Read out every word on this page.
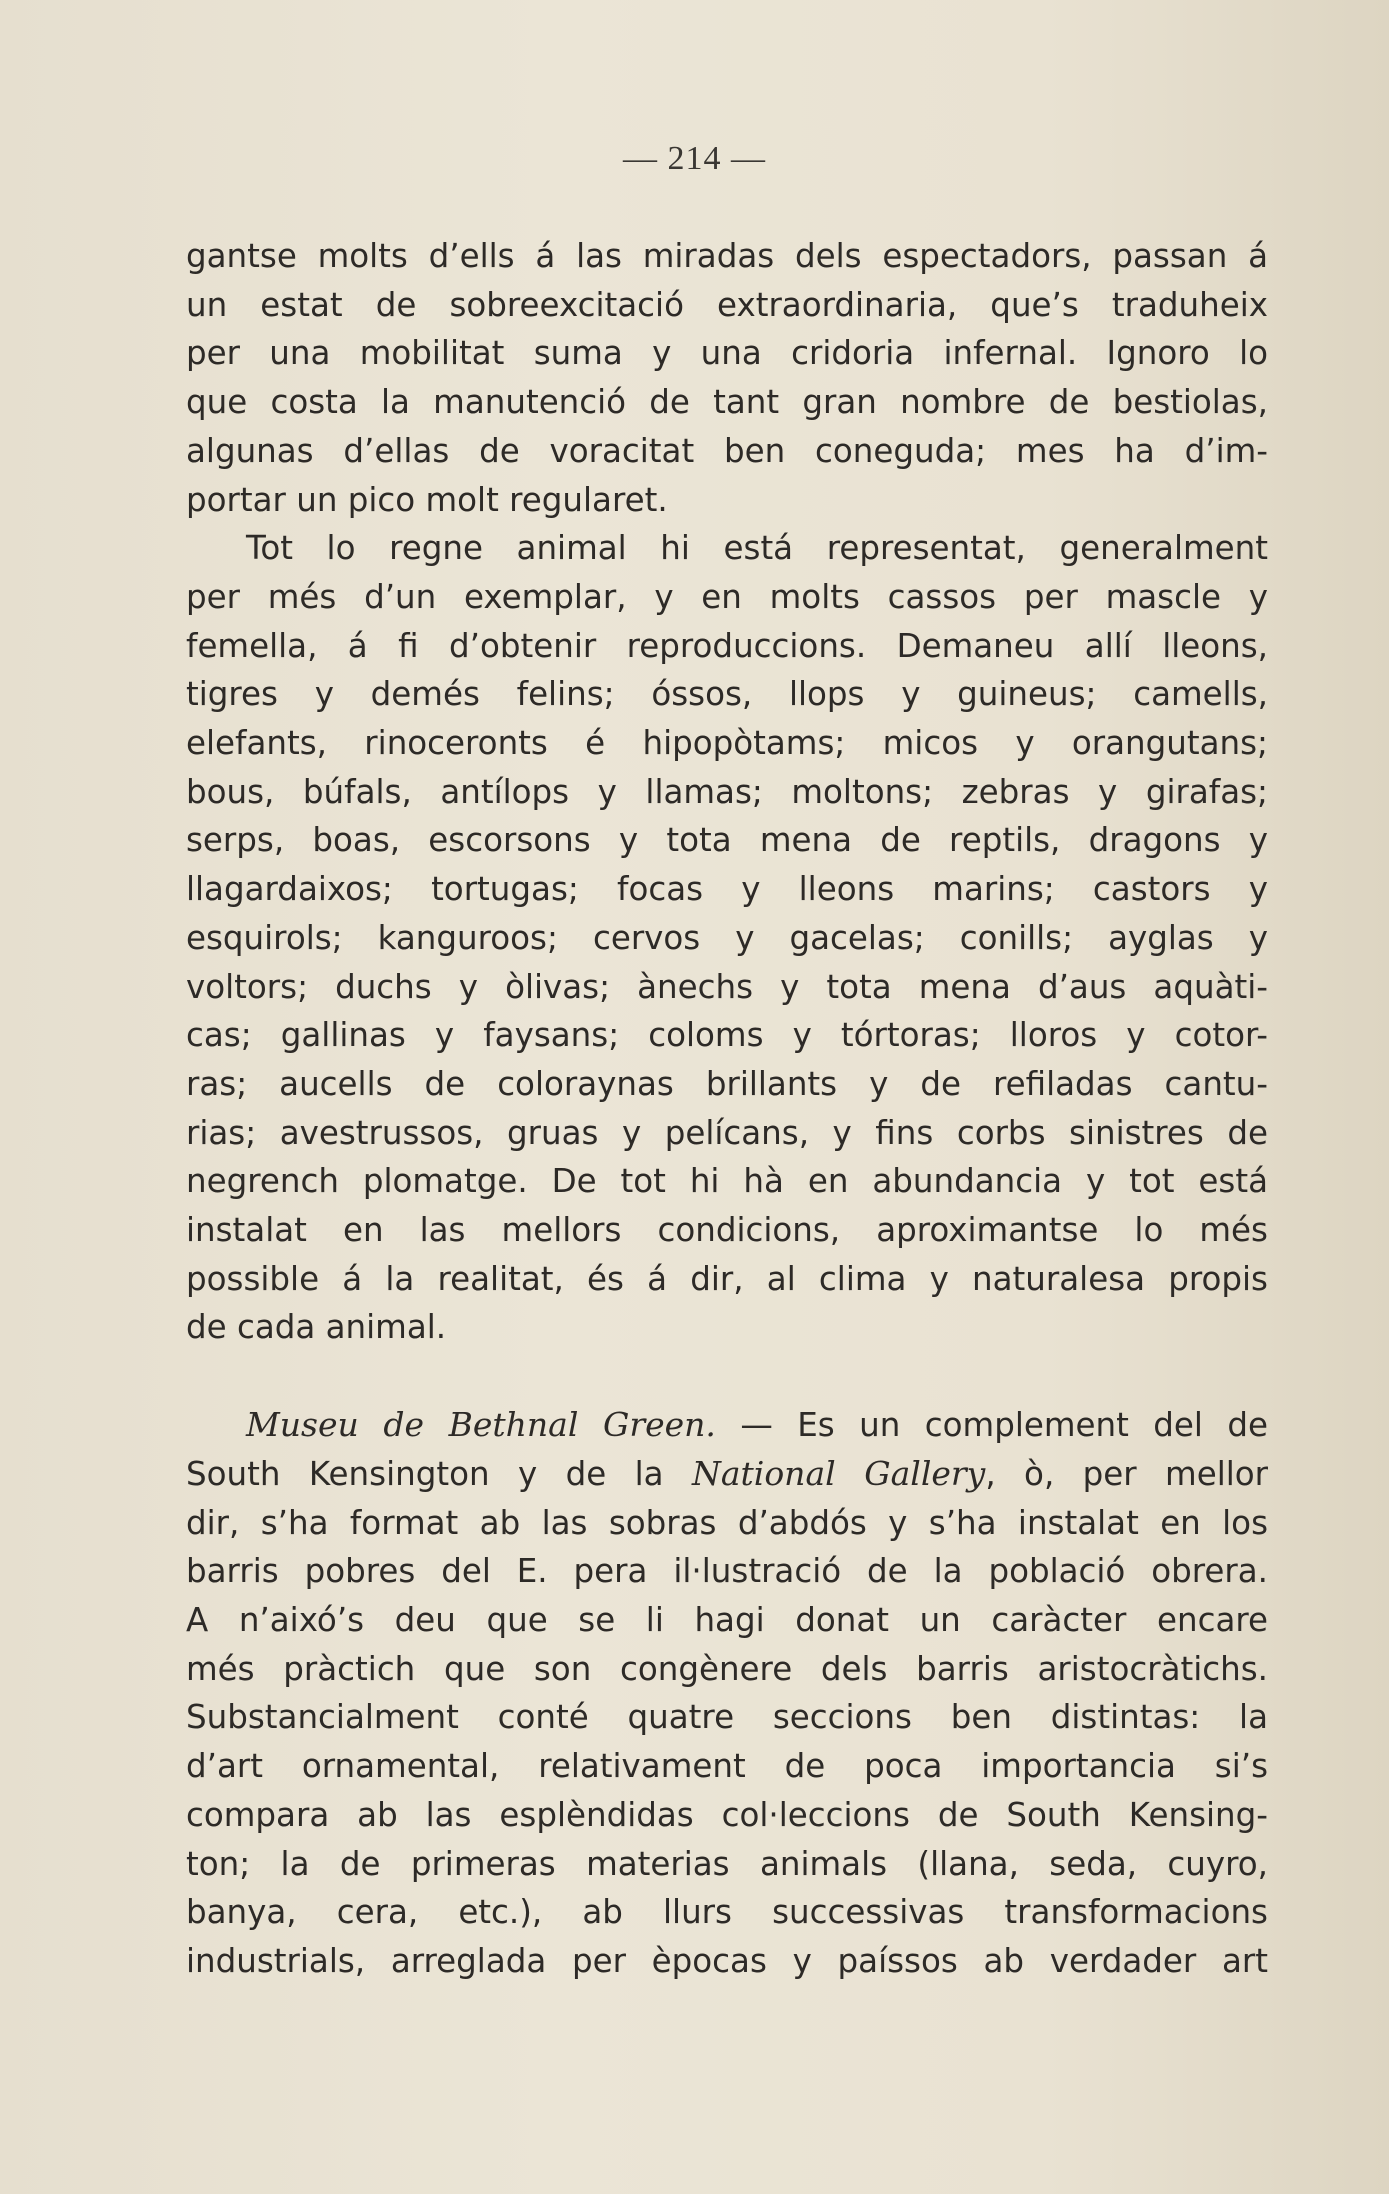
— 214 —
gantse molts d’ells á las miradas dels espectadors, passan á
un estat de sobreexcitació extraordinaria, que’s traduheix
per una mobilitat suma y una cridoria infernal. Ignoro lo
que costa la manutenció de tant gran nombre de bestiolas,
algunas d’ellas de voracitat ben coneguda; mes ha d’im-
portar un pico molt regularet.
Tot lo regne animal hi está representat, generalment
per més d’un exemplar, y en molts cassos per mascle y
femella, á fi d’obtenir reproduccions. Demaneu allí lleons,
tigres y demés felins; óssos, llops y guineus; camells,
elefants, rinoceronts é hipopòtams; micos y orangutans;
bous, búfals, antílops y llamas; moltons; zebras y girafas;
serps, boas, escorsons y tota mena de reptils, dragons y
llagardaixos; tortugas; focas y lleons marins; castors y
esquirols; kanguroos; cervos y gacelas; conills; ayglas y
voltors; duchs y òlivas; ànechs y tota mena d’aus aquàti-
cas; gallinas y faysans; coloms y tórtoras; lloros y cotor-
ras; aucells de coloraynas brillants y de refiladas cantu-
rias; avestrussos, gruas y pelícans, y fins corbs sinistres de
negrench plomatge. De tot hi hà en abundancia y tot está
instalat en las mellors condicions, aproximantse lo més
possible á la realitat, és á dir, al clima y naturalesa propis
de cada animal.
Museu de Bethnal Green. — Es un complement del de
South Kensington y de la National Gallery, ò, per mellor
dir, s’ha format ab las sobras d’abdós y s’ha instalat en los
barris pobres del E. pera il·lustració de la població obrera.
A n’aixó’s deu que se li hagi donat un caràcter encare
més pràctich que son congènere dels barris aristocràtichs.
Substancialment conté quatre seccions ben distintas: la
d’art ornamental, relativament de poca importancia si’s
compara ab las esplèndidas col·leccions de South Kensing-
ton; la de primeras materias animals (llana, seda, cuyro,
banya, cera, etc.), ab llurs successivas transformacions
industrials, arreglada per èpocas y paíssos ab verdader art
